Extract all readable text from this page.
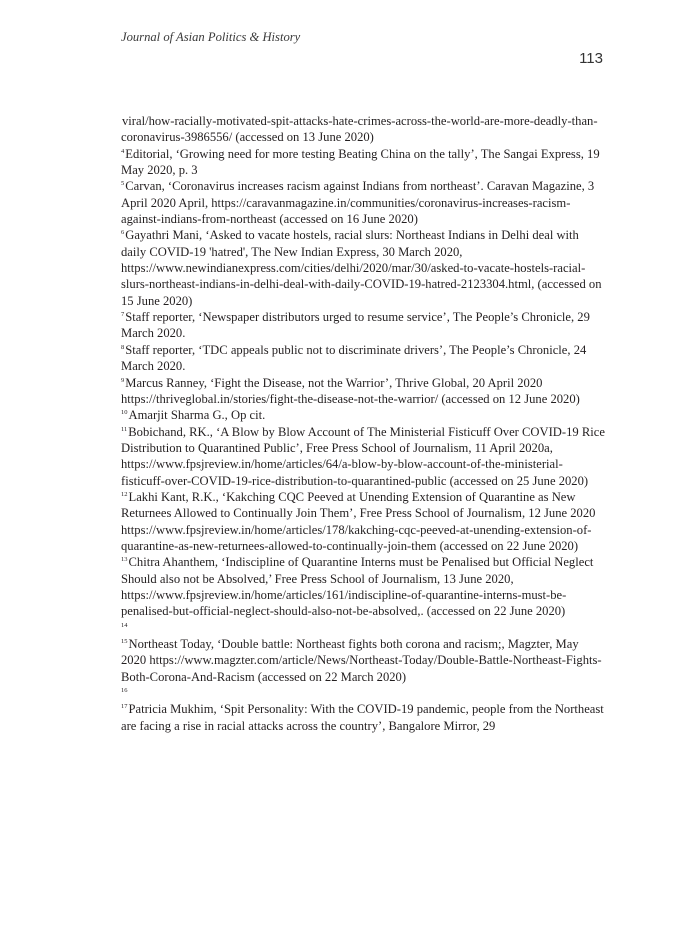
Journal of Asian Politics & History
113

viral/how-racially-motivated-spit-attacks-hate-crimes-across-the-world-are-more-deadly-than-coronavirus-3986556/ (accessed on 13 June 2020)

$^4$Editorial, ‘Growing need for more testing Beating China on the tally’, The Sangai Express, 19 May 2020, p. 3

$^5$Carvan, ‘Coronavirus increases racism against Indians from northeast’. Caravan Magazine, 3 April 2020 April, https://caravanmagazine.in/communities/coronavirus-increases-racism-against-indians-from-northeast (accessed on 16 June 2020)

$^6$Gayathri Mani, ‘Asked to vacate hostels, racial slurs: Northeast Indians in Delhi deal with daily COVID-19 'hatred', The New Indian Express, 30 March 2020, https://www.newindianexpress.com/cities/delhi/2020/mar/30/asked-to-vacate-hostels-racial-slurs-northeast-indians-in-delhi-deal-with-daily-COVID-19-hatred-2123304.html, (accessed on 15 June 2020)

$^7$Staff reporter, ‘Newspaper distributors urged to resume service’, The People’s Chronicle, 29 March 2020.

$^8$Staff reporter, ‘TDC appeals public not to discriminate drivers’, The People’s Chronicle, 24 March 2020.

$^9$Marcus Ranney, ‘Fight the Disease, not the Warrior’, Thrive Global, 20 April 2020 https://thriveglobal.in/stories/fight-the-disease-not-the-warrior/ (accessed on 12 June 2020)

$^{10}$Amarjit Sharma G., Op cit.

$^{11}$Bobichand, RK., ‘A Blow by Blow Account of The Ministerial Fisticuff Over COVID-19 Rice Distribution to Quarantined Public’, Free Press School of Journalism, 11 April 2020a, https://www.fpsjreview.in/home/articles/64/a-blow-by-blow-account-of-the-ministerial-fisticuff-over-COVID-19-rice-distribution-to-quarantined-public (accessed on 25 June 2020)

$^{12}$Lakhi Kant, R.K., ‘Kakching CQC Peeved at Unending Extension of Quarantine as New Returnees Allowed to Continually Join Them’, Free Press School of Journalism, 12 June 2020 https://www.fpsjreview.in/home/articles/178/kakching-cqc-peeved-at-unending-extension-of-quarantine-as-new-returnees-allowed-to-continually-join-them (accessed on 22 June 2020)

$^{13}$Chitra Ahanthem, ‘Indiscipline of Quarantine Interns must be Penalised but Official Neglect Should also not be Absolved,’ Free Press School of Journalism, 13 June 2020, https://www.fpsjreview.in/home/articles/161/indiscipline-of-quarantine-interns-must-be-penalised-but-official-neglect-should-also-not-be-absolved,. (accessed on 22 June 2020)

$^{14}$

$^{15}$Northeast Today, ‘Double battle: Northeast fights both corona and racism;, Magzter, May 2020 https://www.magzter.com/article/News/Northeast-Today/Double-Battle-Northeast-Fights-Both-Corona-And-Racism (accessed on 22 March 2020)

$^{16}$

$^{17}$Patricia Mukhim, ‘Spit Personality: With the COVID-19 pandemic, people from the Northeast are facing a rise in racial attacks across the country’, Bangalore Mirror, 29
